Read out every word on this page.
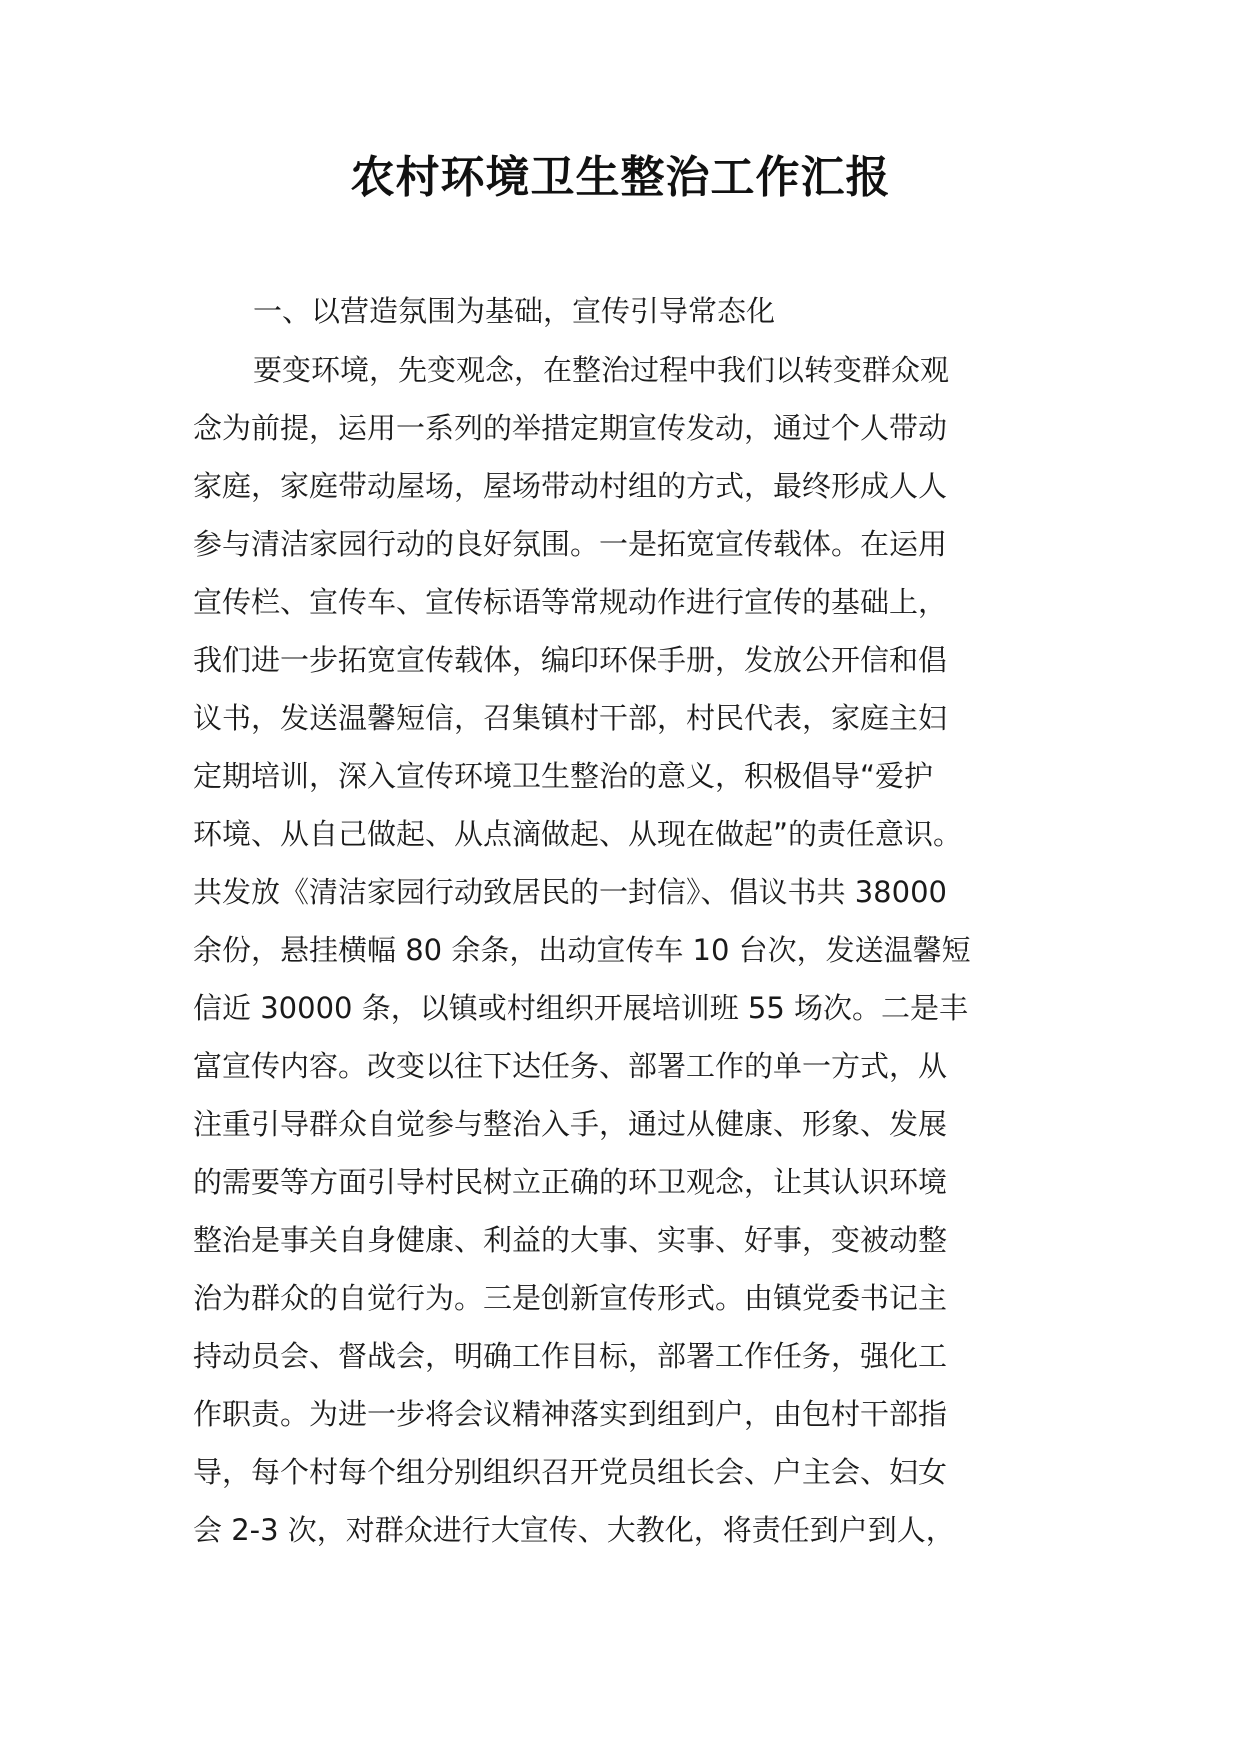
农村环境卫生整治工作汇报
一、以营造氛围为基础，宣传引导常态化
要变环境，先变观念，在整治过程中我们以转变群众观
念为前提，运用一系列的举措定期宣传发动，通过个人带动
家庭，家庭带动屋场，屋场带动村组的方式，最终形成人人
参与清洁家园行动的良好氛围。一是拓宽宣传载体。在运用
宣传栏、宣传车、宣传标语等常规动作进行宣传的基础上，
我们进一步拓宽宣传载体，编印环保手册，发放公开信和倡
议书，发送温馨短信，召集镇村干部，村民代表，家庭主妇
定期培训，深入宣传环境卫生整治的意义，积极倡导“爱护
环境、从自己做起、从点滴做起、从现在做起”的责任意识。
共发放《清洁家园行动致居民的一封信》、倡议书共 38000
余份，悬挂横幅 80 余条，出动宣传车 10 台次，发送温馨短
信近 30000 条，以镇或村组织开展培训班 55 场次。二是丰
富宣传内容。改变以往下达任务、部署工作的单一方式，从
注重引导群众自觉参与整治入手，通过从健康、形象、发展
的需要等方面引导村民树立正确的环卫观念，让其认识环境
整治是事关自身健康、利益的大事、实事、好事，变被动整
治为群众的自觉行为。三是创新宣传形式。由镇党委书记主
持动员会、督战会，明确工作目标，部署工作任务，强化工
作职责。为进一步将会议精神落实到组到户，由包村干部指
导，每个村每个组分别组织召开党员组长会、户主会、妇女
会 2-3 次，对群众进行大宣传、大教化，将责任到户到人，
